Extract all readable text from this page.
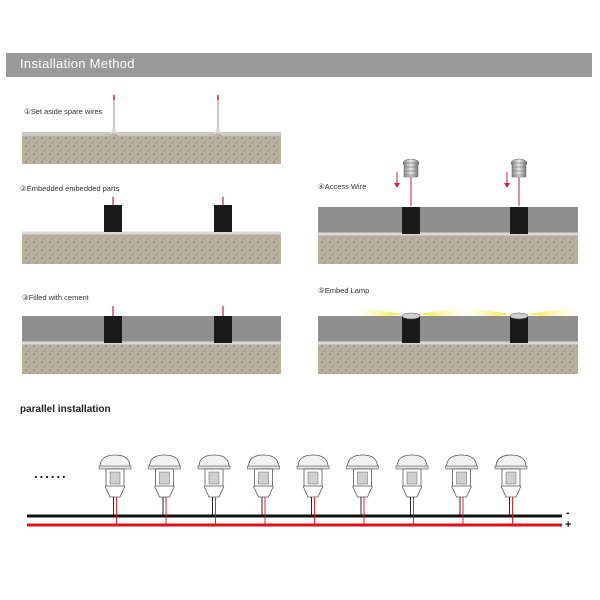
Installation Method
①Set aside spare wires
②Embedded embedded parts
③Filled with cement
④Access Wire
⑤Embed Lamp
parallel installation
......
-
+
